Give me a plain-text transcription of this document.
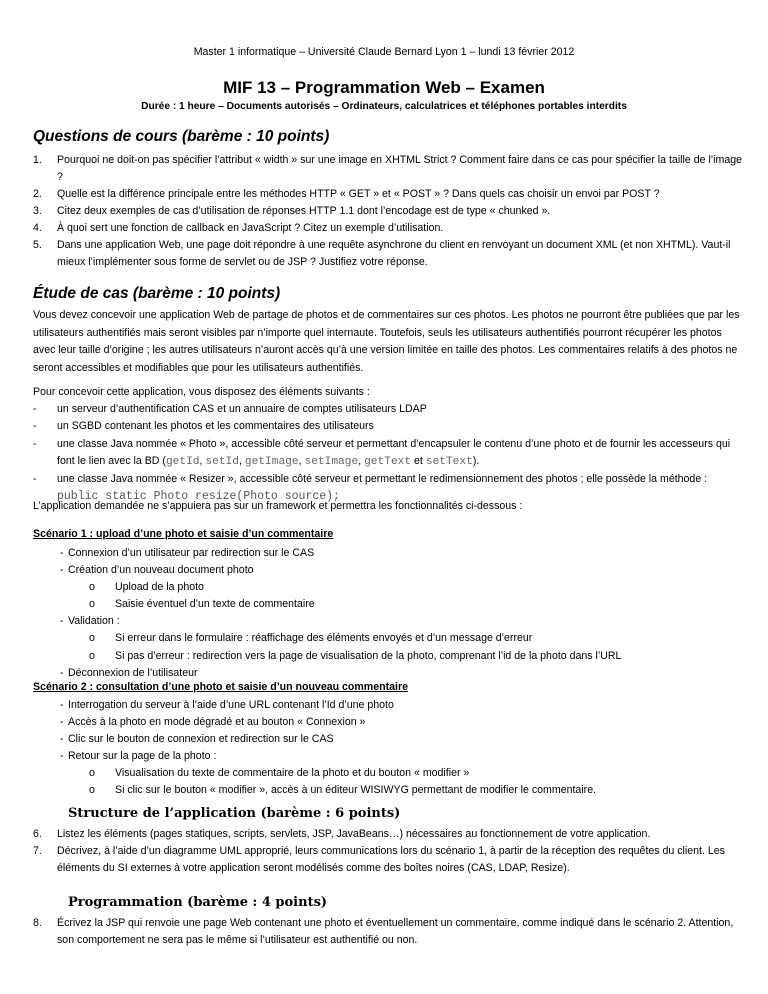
Master 1 informatique – Université Claude Bernard Lyon 1 – lundi 13 février 2012
MIF 13 – Programmation Web – Examen
Durée : 1 heure – Documents autorisés – Ordinateurs, calculatrices et téléphones portables interdits
Questions de cours (barème : 10 points)
1. Pourquoi ne doit-on pas spécifier l’attribut « width » sur une image en XHTML Strict ? Comment faire dans ce cas pour spécifier la taille de l’image ?
2. Quelle est la différence principale entre les méthodes HTTP « GET » et « POST » ? Dans quels cas choisir un envoi par POST ?
3. Citez deux exemples de cas d’utilisation de réponses HTTP 1.1 dont l’encodage est de type « chunked ».
4. À quoi sert une fonction de callback en JavaScript ? Citez un exemple d’utilisation.
5. Dans une application Web, une page doit répondre à une requête asynchrone du client en renvoyant un document XML (et non XHTML). Vaut-il mieux l’implémenter sous forme de servlet ou de JSP ? Justifiez votre réponse.
Étude de cas (barème : 10 points)
Vous devez concevoir une application Web de partage de photos et de commentaires sur ces photos. Les photos ne pourront être publiées que par les utilisateurs authentifiés mais seront visibles par n’importe quel internaute. Toutefois, seuls les utilisateurs authentifiés pourront récupérer les photos avec leur taille d’origine ; les autres utilisateurs n’auront accès qu’à une version limitée en taille des photos. Les commentaires relatifs à des photos ne seront accessibles et modifiables que pour les utilisateurs authentifiés.
Pour concevoir cette application, vous disposez des éléments suivants :
- un serveur d’authentification CAS et un annuaire de comptes utilisateurs LDAP
- un SGBD contenant les photos et les commentaires des utilisateurs
- une classe Java nommée « Photo », accessible côté serveur et permettant d’encapsuler le contenu d’une photo et de fournir les accesseurs qui font le lien avec la BD (getId, setId, getImage, setImage, getText et setText).
- une classe Java nommée « Resizer », accessible côté serveur et permettant le redimensionnement des photos ; elle possède la méthode : public static Photo resize(Photo source);
L’application demandée ne s’appuiera pas sur un framework et permettra les fonctionnalités ci-dessous :
Scénario 1 : upload d’une photo et saisie d’un commentaire
- Connexion d’un utilisateur par redirection sur le CAS
- Création d’un nouveau document photo
o Upload de la photo
o Saisie éventuel d’un texte de commentaire
- Validation :
o Si erreur dans le formulaire : réaffichage des éléments envoyés et d’un message d’erreur
o Si pas d’erreur : redirection vers la page de visualisation de la photo, comprenant l’id de la photo dans l’URL
- Déconnexion de l’utilisateur
Scénario 2 : consultation d’une photo et saisie d’un nouveau commentaire
- Interrogation du serveur à l’aide d’une URL contenant l’Id d’une photo
- Accès à la photo en mode dégradé et au bouton « Connexion »
- Clic sur le bouton de connexion et redirection sur le CAS
- Retour sur la page de la photo :
o Visualisation du texte de commentaire de la photo et du bouton « modifier »
o Si clic sur le bouton « modifier », accès à un éditeur WISIWYG permettant de modifier le commentaire.
Structure de l’application (barème : 6 points)
6. Listez les éléments (pages statiques, scripts, servlets, JSP, JavaBeans…) nécessaires au fonctionnement de votre application.
7. Décrivez, à l’aide d’un diagramme UML approprié, leurs communications lors du scénario 1, à partir de la réception des requêtes du client. Les éléments du SI externes à votre application seront modélisés comme des boîtes noires (CAS, LDAP, Resize).
Programmation (barème : 4 points)
8. Écrivez la JSP qui renvoie une page Web contenant une photo et éventuellement un commentaire, comme indiqué dans le scénario 2. Attention, son comportement ne sera pas le même si l’utilisateur est authentifié ou non.
